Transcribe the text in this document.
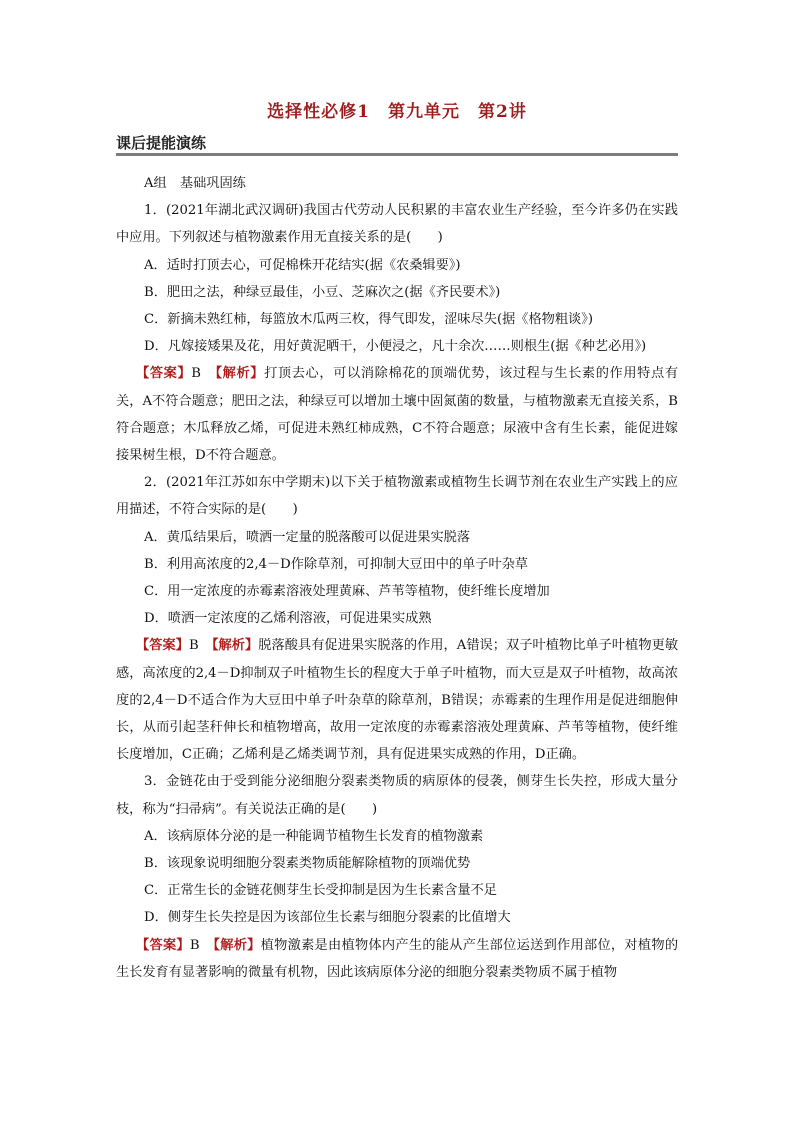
选择性必修1　第九单元　第2讲
课后提能演练

A组　基础巩固练

1．(2021年湖北武汉调研)我国古代劳动人民积累的丰富农业生产经验，至今许多仍在实践中应用。下列叙述与植物激素作用无直接关系的是(　　)

A．适时打顶去心，可促棉株开花结实(据《农桑辑要》)

B．肥田之法，种绿豆最佳，小豆、芝麻次之(据《齐民要术》)

C．新摘未熟红柿，每篮放木瓜两三枚，得气即发，涩味尽失(据《格物粗谈》)

D．凡嫁接矮果及花，用好黄泥晒干，小便浸之，凡十余次……则根生(据《种艺必用》)

【答案】B　 【解析】打顶去心，可以消除棉花的顶端优势，该过程与生长素的作用特点有关，A不符合题意；肥田之法，种绿豆可以增加土壤中固氮菌的数量，与植物激素无直接关系，B符合题意；木瓜释放乙烯，可促进未熟红柿成熟，C不符合题意；尿液中含有生长素，能促进嫁接果树生根，D不符合题意。

2．(2021年江苏如东中学期末)以下关于植物激素或植物生长调节剂在农业生产实践上的应用描述，不符合实际的是(　　)

A．黄瓜结果后，喷洒一定量的脱落酸可以促进果实脱落

B．利用高浓度的2,4－D作除草剂，可抑制大豆田中的单子叶杂草

C．用一定浓度的赤霉素溶液处理黄麻、芦苇等植物，使纤维长度增加

D．喷洒一定浓度的乙烯利溶液，可促进果实成熟

【答案】B　 【解析】脱落酸具有促进果实脱落的作用，A错误；双子叶植物比单子叶植物更敏感，高浓度的2,4－D抑制双子叶植物生长的程度大于单子叶植物，而大豆是双子叶植物，故高浓度的2,4－D不适合作为大豆田中单子叶杂草的除草剂，B错误；赤霉素的生理作用是促进细胞伸长，从而引起茎秆伸长和植物增高，故用一定浓度的赤霉素溶液处理黄麻、芦苇等植物，使纤维长度增加，C正确；乙烯利是乙烯类调节剂，具有促进果实成熟的作用，D正确。

3．金链花由于受到能分泌细胞分裂素类物质的病原体的侵袭，侧芽生长失控，形成大量分枝，称为“扫帚病”。有关说法正确的是(　　)

A．该病原体分泌的是一种能调节植物生长发育的植物激素

B．该现象说明细胞分裂素类物质能解除植物的顶端优势

C．正常生长的金链花侧芽生长受抑制是因为生长素含量不足

D．侧芽生长失控是因为该部位生长素与细胞分裂素的比值增大

【答案】B　 【解析】植物激素是由植物体内产生的能从产生部位运送到作用部位，对植物的生长发育有显著影响的微量有机物，因此该病原体分泌的细胞分裂素类物质不属于植物
